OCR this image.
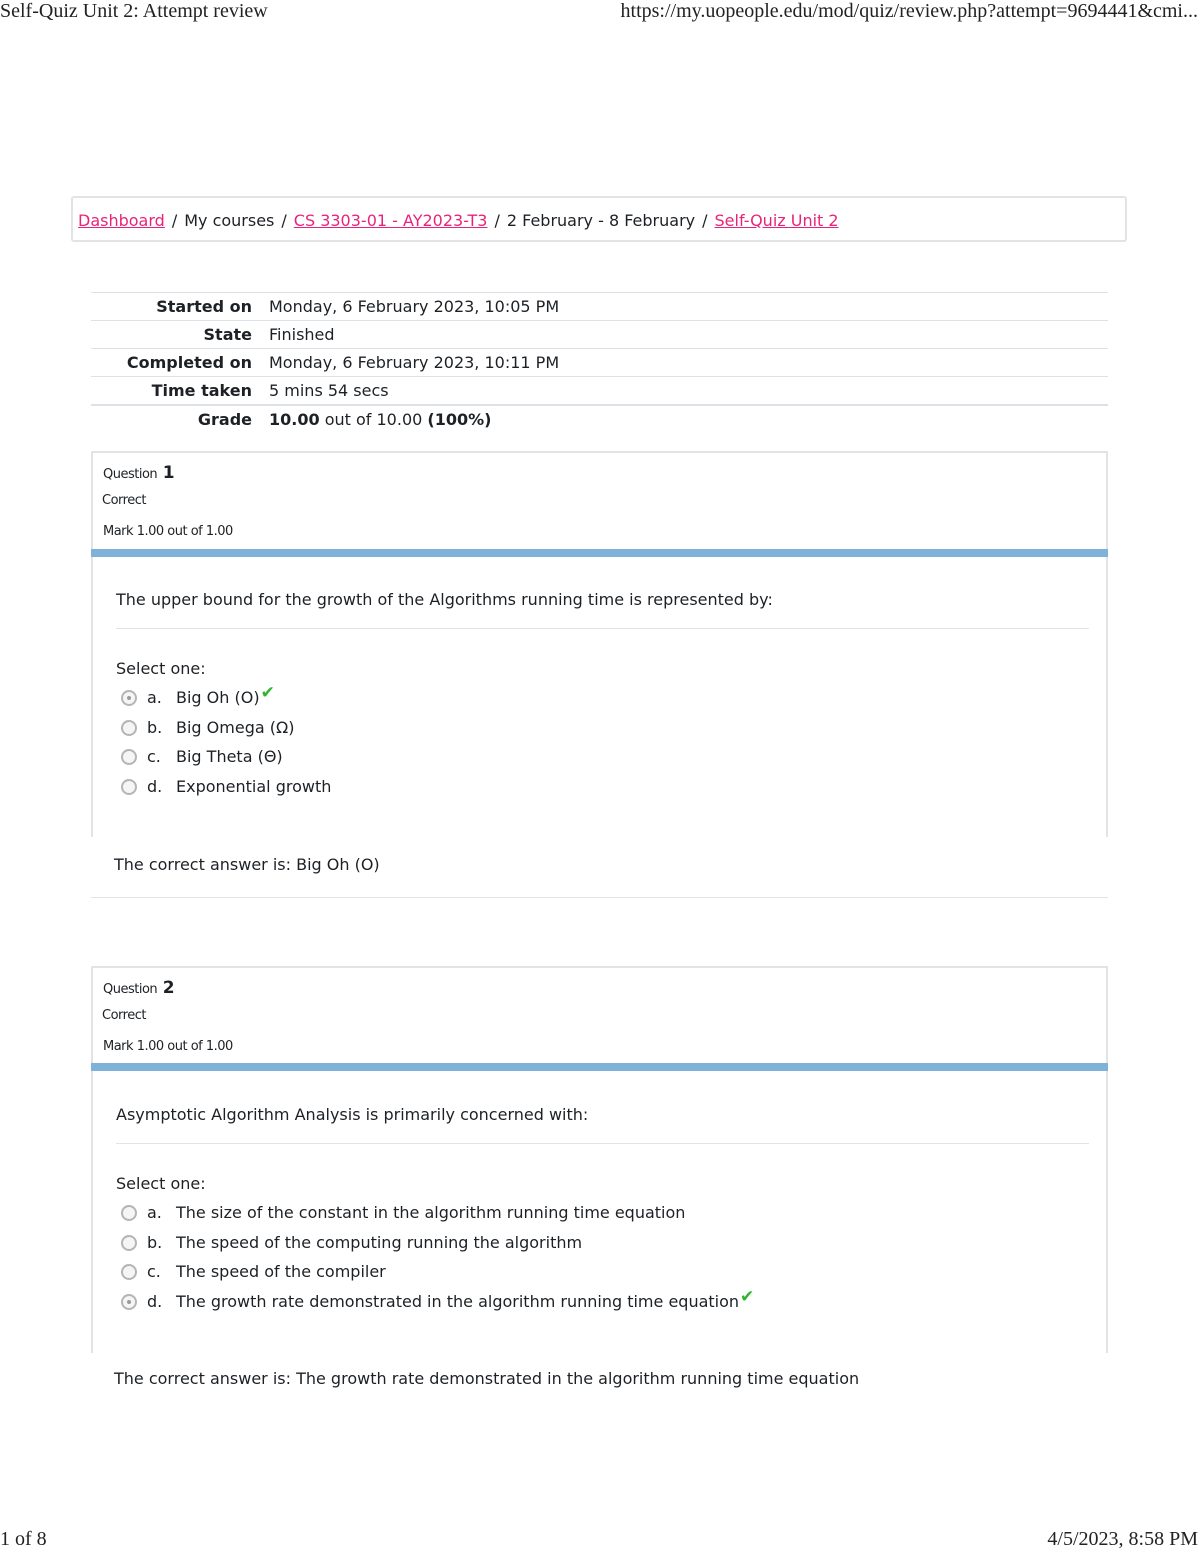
Self-Quiz Unit 2: Attempt review	https://my.uopeople.edu/mod/quiz/review.php?attempt=9694441&cmi...
Dashboard / My courses / CS 3303-01 - AY2023-T3 / 2 February - 8 February / Self-Quiz Unit 2
Started on	Monday, 6 February 2023, 10:05 PM
State	Finished
Completed on	Monday, 6 February 2023, 10:11 PM
Time taken	5 mins 54 secs
Grade	10.00 out of 10.00 (100%)
Question 1
Correct
Mark 1.00 out of 1.00
The upper bound for the growth of the Algorithms running time is represented by:
Select one:
a. Big Oh (O)✔
b. Big Omega (Ω)
c. Big Theta (Θ)
d. Exponential growth
The correct answer is: Big Oh (O)
Question 2
Correct
Mark 1.00 out of 1.00
Asymptotic Algorithm Analysis is primarily concerned with:
Select one:
a. The size of the constant in the algorithm running time equation
b. The speed of the computing running the algorithm
c. The speed of the compiler
d. The growth rate demonstrated in the algorithm running time equation✔
The correct answer is: The growth rate demonstrated in the algorithm running time equation
1 of 8	4/5/2023, 8:58 PM
